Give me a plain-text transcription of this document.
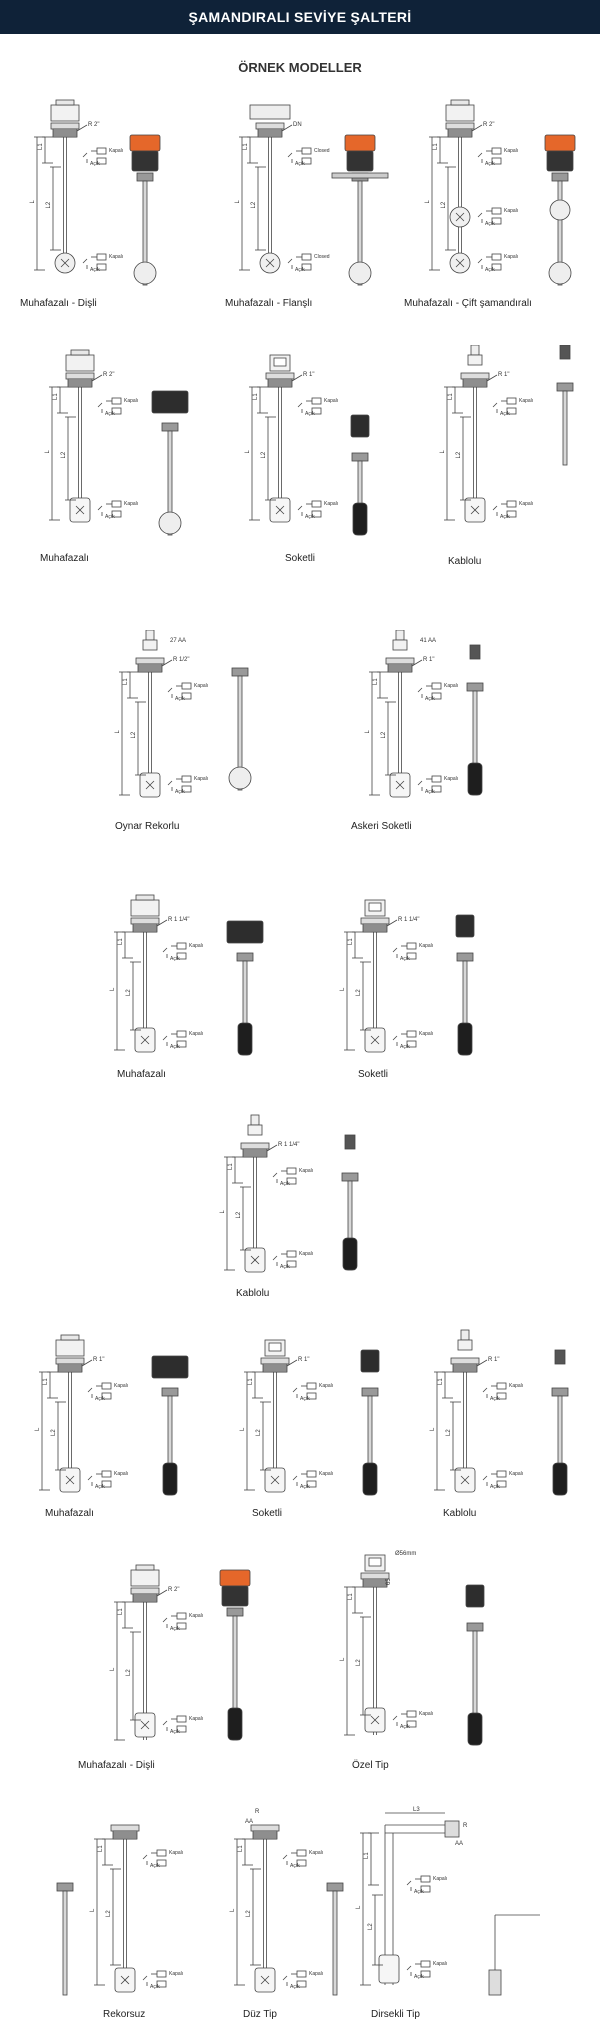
ŞAMANDIRALI SEVİYE ŞALTERİ
ÖRNEK MODELLER
R 2"
Kapalı
Açık
Kapalı
Açık
L
L1
L2
DN
Closed
Açık
Closed
Açık
L
L1
L2
R 2"
Kapalı
Açık
Kapalı
Açık
Kapalı
Açık
L
L1
L2
Muhafazalı - Dişli	Muhafazalı - Flanşlı	Muhafazalı - Çift şamandıralı
R 2"
Kapalı
Açık
Kapalı
Açık
L
L1
L2
R 1"
Kapalı
Açık
Kapalı
Açık
L
L1
L2
R 1"
Kapalı
Açık
Kapalı
Açık
L
L1
L2
Muhafazalı	Soketli	Kablolu
R 1/2"
Kapalı
Açık
Kapalı
Açık
L
L1
L2
27 AA
R 1"
Kapalı
Açık
Kapalı
Açık
L
L1
L2
41 AA
Oynar Rekorlu	Askeri Soketli
R 1 1/4"
Kapalı
Açık
Kapalı
Açık
L
L1
L2
R 1 1/4"
Kapalı
Açık
Kapalı
Açık
L
L1
L2
Muhafazalı	Soketli
R 1 1/4"
Kapalı
Açık
Kapalı
Açık
L
L1
L2
Kablolu
R 1"
Kapalı
Açık
Kapalı
Açık
L
L1
L2
R 1"
Kapalı
Açık
Kapalı
Açık
L
L1
L2
R 1"
Kapalı
Açık
Kapalı
Açık
L
L1
L2
Muhafazalı	Soketli	Kablolu
R 2"
Kapalı
Açık
Kapalı
Açık
L
L1
L2
Kapalı
Açık
L
L1
L2
Ø56mm
65
Muhafazalı - Dişli	Özel Tip
Kapalı
Açık
Kapalı
Açık
L
L1
L2
Kapalı
Açık
Kapalı
Açık
L
L1
L2
AA
R	L3
R
AA
Kapalı
Açık
Kapalı
Açık
L
L1
L2
Rekorsuz	Düz Tip	Dirsekli Tip
